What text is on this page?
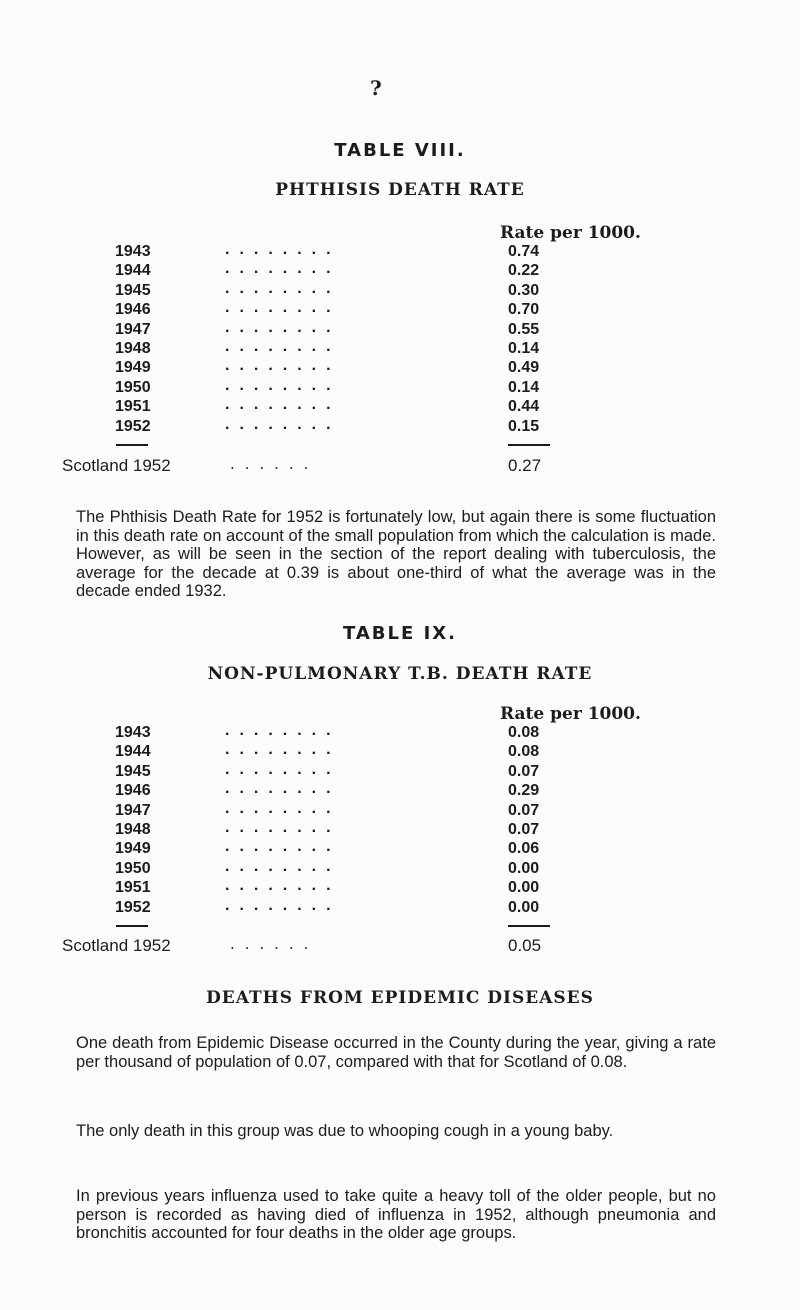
?
TABLE VIII.
PHTHISIS DEATH RATE
Rate per 1000.
1943	........	0.74
1944	........	0.22
1945	........	0.30
1946	........	0.70
1947	........	0.55
1948	........	0.14
1949	........	0.49
1950	........	0.14
1951	........	0.44
1952	........	0.15
Scotland 1952	......	0.27
The Phthisis Death Rate for 1952 is fortunately low, but again there is some fluctuation in this death rate on account of the small population from which the calculation is made. However, as will be seen in the section of the report dealing with tuberculosis, the average for the decade at 0.39 is about one-third of what the average was in the decade ended 1932.
TABLE IX.
NON-PULMONARY T.B. DEATH RATE
Rate per 1000.
1943	........	0.08
1944	........	0.08
1945	........	0.07
1946	........	0.29
1947	........	0.07
1948	........	0.07
1949	........	0.06
1950	........	0.00
1951	........	0.00
1952	........	0.00
Scotland 1952	......	0.05
DEATHS FROM EPIDEMIC DISEASES
One death from Epidemic Disease occurred in the County during the year, giving a rate per thousand of population of 0.07, compared with that for Scotland of 0.08.
The only death in this group was due to whooping cough in a young baby.
In previous years influenza used to take quite a heavy toll of the older people, but no person is recorded as having died of influenza in 1952, although pneumonia and bronchitis accounted for four deaths in the older age groups.
